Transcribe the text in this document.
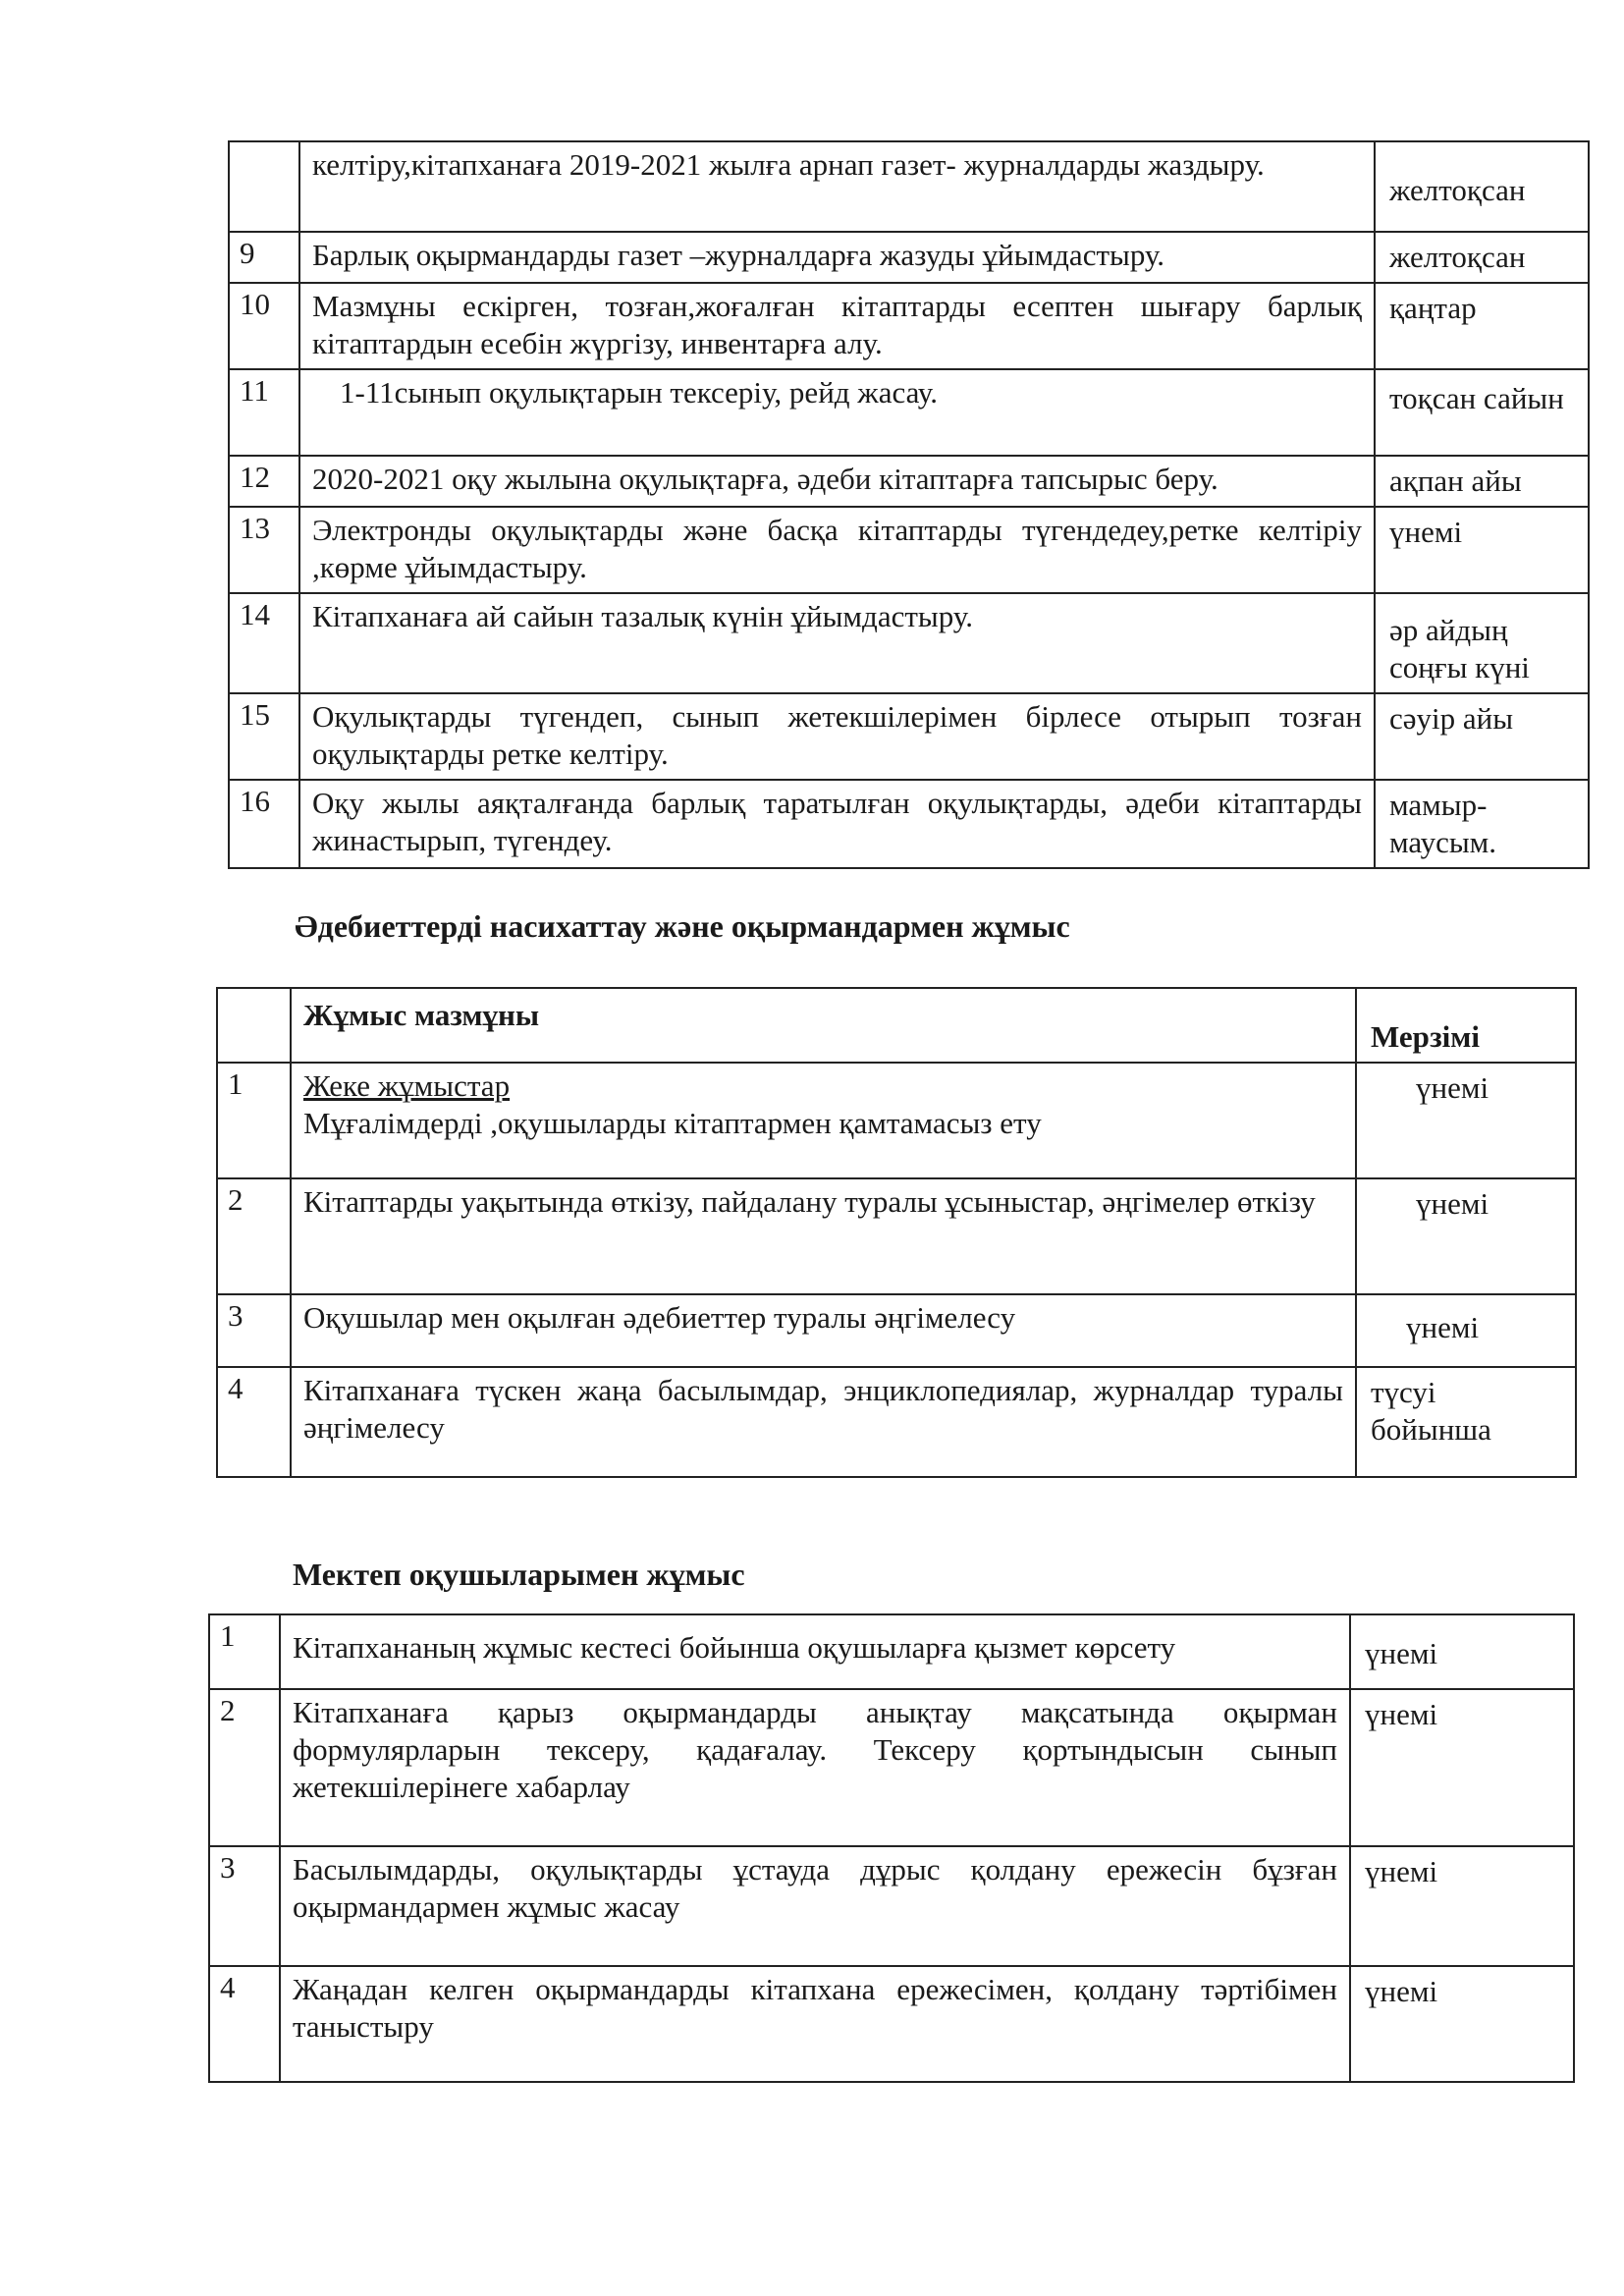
	келтіру,кітапханаға 2019-2021 жылға арнап газет- журналдарды жаздыру.	желтоқсан
9	Барлық оқырмандарды газет –журналдарға жазуды ұйымдастыру.	желтоқсан
10	Мазмұны ескірген, тозған,жоғалған кітаптарды есептен шығару барлық кітаптардын есебін жүргізу, инвентарға алу.	қаңтар
11	1-11сынып оқулықтарын тексеріу, рейд жасау.	тоқсан сайын
12	2020-2021 оқу жылына оқулықтарға, әдеби кітаптарға тапсырыс беру.	ақпан айы
13	Электронды оқулықтарды және басқа кітаптарды түгендедеу,ретке келтіріу ,көрме ұйымдастыру.	үнемі
14	Кітапханаға ай сайын тазалық күнін ұйымдастыру.	әр айдың соңғы күні
15	Оқулықтарды түгендеп, сынып жетекшілерімен бірлесе отырып тозған оқулықтарды ретке келтіру.	сәуір айы
16	Оқу жылы аяқталғанда барлық таратылған оқулықтарды, әдеби кітаптарды жинастырып, түгендеу.	мамыр-маусым.
Әдебиеттерді насихаттау және оқырмандармен жұмыс
	Жұмыс мазмұны	Мерзімі
1	Жеке жұмыстар
Мұғалімдерді ,оқушыларды кітаптармен қамтамасыз ету	үнемі
2	Кітаптарды уақытында өткізу, пайдалану туралы ұсыныстар, әңгімелер өткізу	үнемі
3	Оқушылар мен оқылған әдебиеттер туралы әңгімелесу	үнемі
4	Кітапханаға түскен жаңа басылымдар, энциклопедиялар, журналдар туралы әңгімелесу	түсуі бойынша
Мектеп оқушыларымен жұмыс
1	Кітапхананың жұмыс кестесі бойынша оқушыларға қызмет көрсету	үнемі
2	Кітапханаға қарыз оқырмандарды анықтау мақсатында оқырман формулярларын тексеру, қадағалау. Тексеру қортындысын сынып жетекшілерінеге хабарлау	үнемі
3	Басылымдарды, оқулықтарды ұстауда дұрыс қолдану ережесін бұзған оқырмандармен жұмыс жасау	үнемі
4	Жаңадан келген оқырмандарды кітапхана ережесімен, қолдану тәртібімен таныстыру	үнемі
